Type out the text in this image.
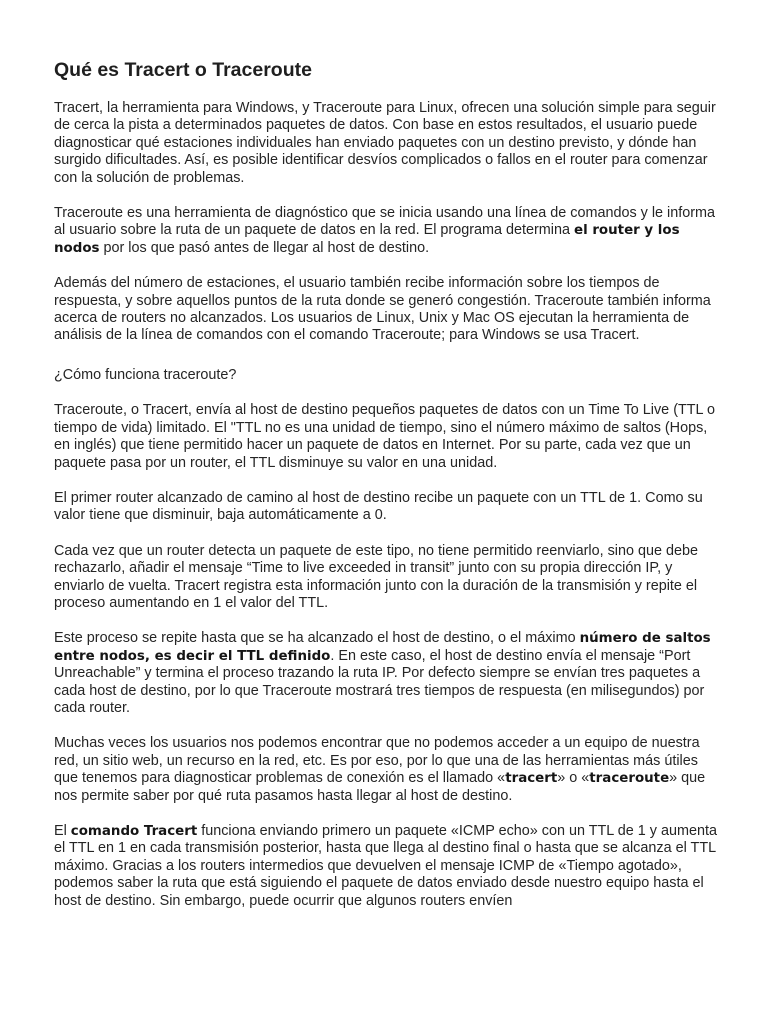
Qué es Tracert o Traceroute

Tracert, la herramienta para Windows, y Traceroute para Linux, ofrecen una solución simple para seguir de cerca la pista a determinados paquetes de datos. Con base en estos resultados, el usuario puede diagnosticar qué estaciones individuales han enviado paquetes con un destino previsto, y dónde han surgido dificultades. Así, es posible identificar desvíos complicados o fallos en el router para comenzar con la solución de problemas.

Traceroute es una herramienta de diagnóstico que se inicia usando una línea de comandos y le informa al usuario sobre la ruta de un paquete de datos en la red. El programa determina el router y los nodos por los que pasó antes de llegar al host de destino.

Además del número de estaciones, el usuario también recibe información sobre los tiempos de respuesta, y sobre aquellos puntos de la ruta donde se generó congestión. Traceroute también informa acerca de routers no alcanzados. Los usuarios de Linux, Unix y Mac OS ejecutan la herramienta de análisis de la línea de comandos con el comando Traceroute; para Windows se usa Tracert.

¿Cómo funciona traceroute?

Traceroute, o Tracert, envía al host de destino pequeños paquetes de datos con un Time To Live (TTL o tiempo de vida) limitado. El "TTL no es una unidad de tiempo, sino el número máximo de saltos (Hops, en inglés) que tiene permitido hacer un paquete de datos en Internet. Por su parte, cada vez que un paquete pasa por un router, el TTL disminuye su valor en una unidad.

El primer router alcanzado de camino al host de destino recibe un paquete con un TTL de 1. Como su valor tiene que disminuir, baja automáticamente a 0.

Cada vez que un router detecta un paquete de este tipo, no tiene permitido reenviarlo, sino que debe rechazarlo, añadir el mensaje “Time to live exceeded in transit” junto con su propia dirección IP, y enviarlo de vuelta. Tracert registra esta información junto con la duración de la transmisión y repite el proceso aumentando en 1 el valor del TTL.

Este proceso se repite hasta que se ha alcanzado el host de destino, o el máximo número de saltos entre nodos, es decir el TTL definido. En este caso, el host de destino envía el mensaje “Port Unreachable” y termina el proceso trazando la ruta IP. Por defecto siempre se envían tres paquetes a cada host de destino, por lo que Traceroute mostrará tres tiempos de respuesta (en milisegundos) por cada router.

Muchas veces los usuarios nos podemos encontrar que no podemos acceder a un equipo de nuestra red, un sitio web, un recurso en la red, etc. Es por eso, por lo que una de las herramientas más útiles que tenemos para diagnosticar problemas de conexión es el llamado «tracert» o «traceroute» que nos permite saber por qué ruta pasamos hasta llegar al host de destino.

El comando Tracert funciona enviando primero un paquete «ICMP echo» con un TTL de 1 y aumenta el TTL en 1 en cada transmisión posterior, hasta que llega al destino final o hasta que se alcanza el TTL máximo. Gracias a los routers intermedios que devuelven el mensaje ICMP de «Tiempo agotado», podemos saber la ruta que está siguiendo el paquete de datos enviado desde nuestro equipo hasta el host de destino. Sin embargo, puede ocurrir que algunos routers envíen
